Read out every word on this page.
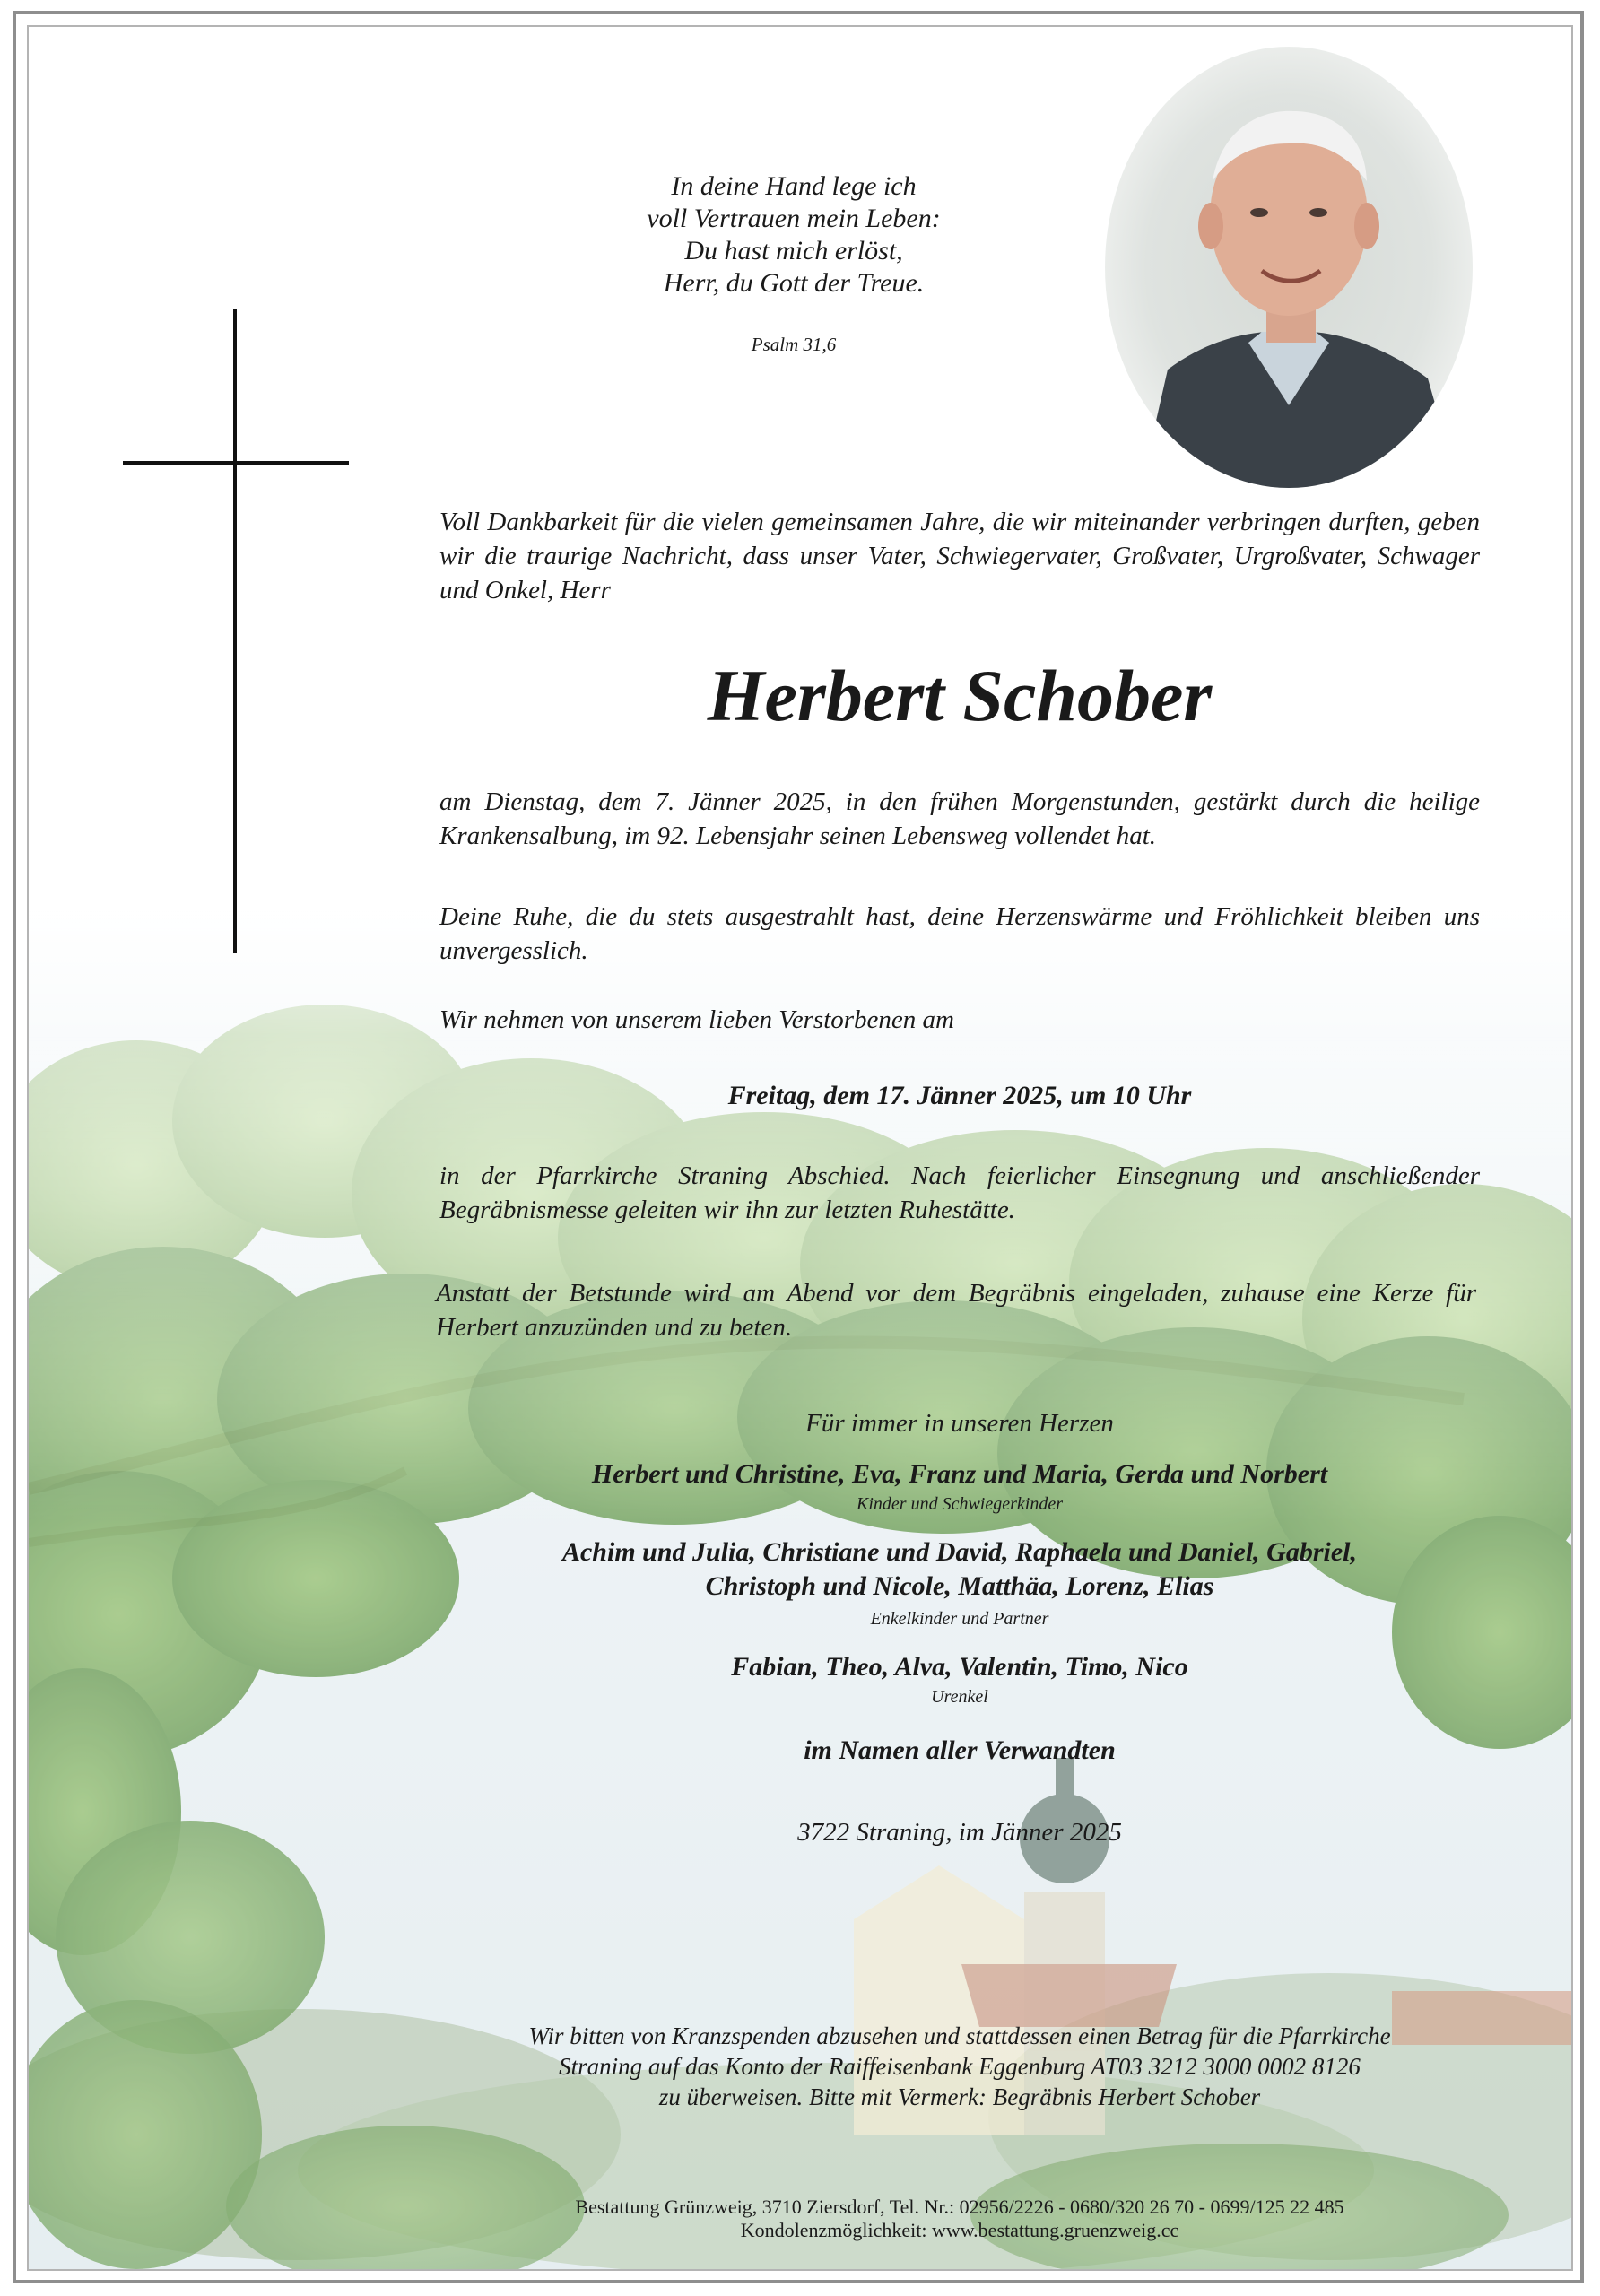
In deine Hand lege ich
voll Vertrauen mein Leben:
Du hast mich erlöst,
Herr, du Gott der Treue.
Psalm 31,6
Voll Dankbarkeit für die vielen gemeinsamen Jahre, die wir miteinander verbringen durften, geben wir die traurige Nachricht, dass unser Vater, Schwiegervater, Großvater, Urgroßvater, Schwager und Onkel, Herr
Herbert Schober
am Dienstag, dem 7. Jänner 2025, in den frühen Morgenstunden, gestärkt durch die heilige Krankensalbung, im 92. Lebensjahr seinen Lebensweg vollendet hat.
Deine Ruhe, die du stets ausgestrahlt hast, deine Herzenswärme und Fröhlichkeit bleiben uns unvergesslich.
Wir nehmen von unserem lieben Verstorbenen am
Freitag, dem 17. Jänner 2025, um 10 Uhr
in der Pfarrkirche Straning Abschied. Nach feierlicher Einsegnung und anschließender Begräbnismesse geleiten wir ihn zur letzten Ruhestätte.
Anstatt der Betstunde wird am Abend vor dem Begräbnis eingeladen, zuhause eine Kerze für Herbert anzuzünden und zu beten.
Für immer in unseren Herzen
Herbert und Christine, Eva, Franz und Maria, Gerda und Norbert
Kinder und Schwiegerkinder
Achim und Julia, Christiane und David, Raphaela und Daniel, Gabriel,
Christoph und Nicole, Matthäa, Lorenz, Elias
Enkelkinder und Partner
Fabian, Theo, Alva, Valentin, Timo, Nico
Urenkel
im Namen aller Verwandten
3722 Straning, im Jänner 2025
Wir bitten von Kranzspenden abzusehen und stattdessen einen Betrag für die Pfarrkirche
Straning auf das Konto der Raiffeisenbank Eggenburg AT03 3212 3000 0002 8126
zu überweisen. Bitte mit Vermerk: Begräbnis Herbert Schober
Bestattung Grünzweig, 3710 Ziersdorf, Tel. Nr.: 02956/2226 - 0680/320 26 70 - 0699/125 22 485
Kondolenzmöglichkeit: www.bestattung.gruenzweig.cc
